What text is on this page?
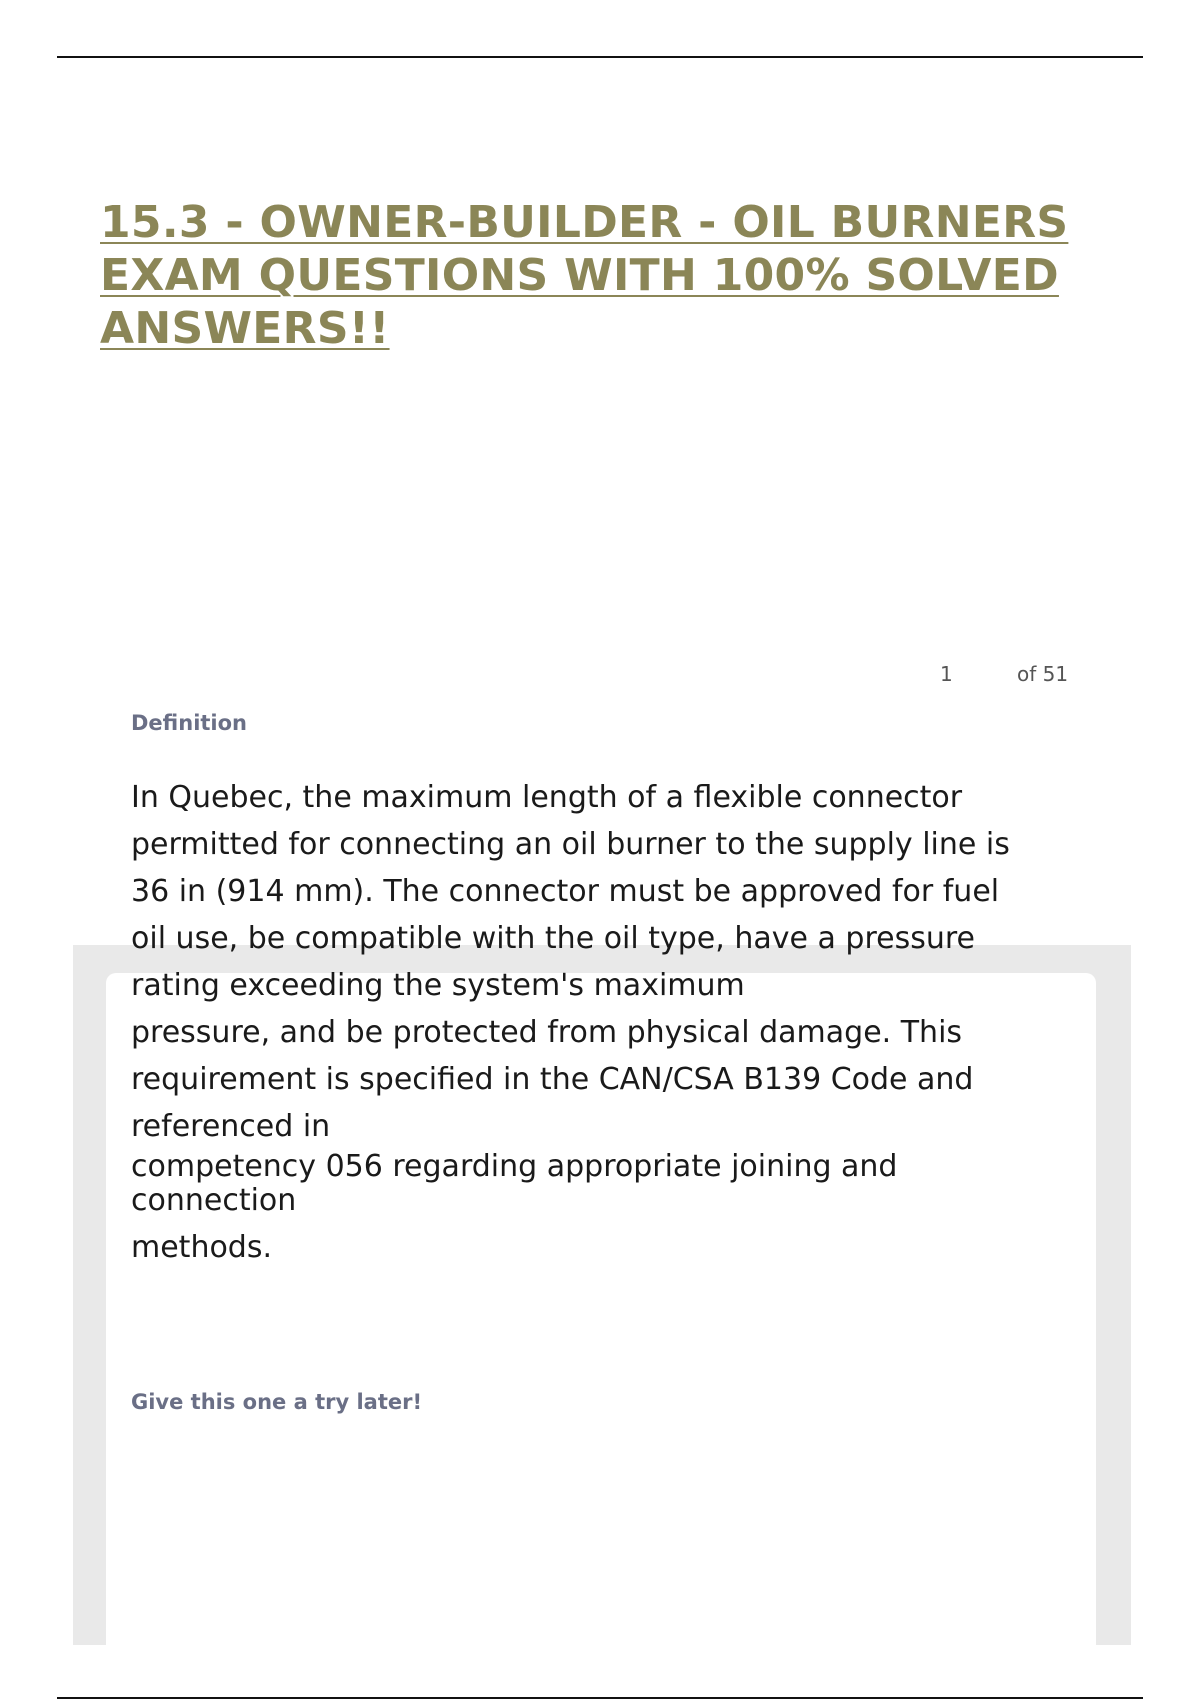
15.3 - OWNER-BUILDER - OIL BURNERS
EXAM QUESTIONS WITH 100% SOLVED
ANSWERS!!
1	of 51
Definition
In Quebec, the maximum length of a flexible connector
permitted for connecting an oil burner to the supply line is
36 in (914 mm). The connector must be approved for fuel
oil use, be compatible with the oil type, have a pressure
rating exceeding the system's maximum
pressure, and be protected from physical damage. This
requirement is specified in the CAN/CSA B139 Code and
referenced in
competency 056 regarding appropriate joining and
connection
methods.
Give this one a try later!
